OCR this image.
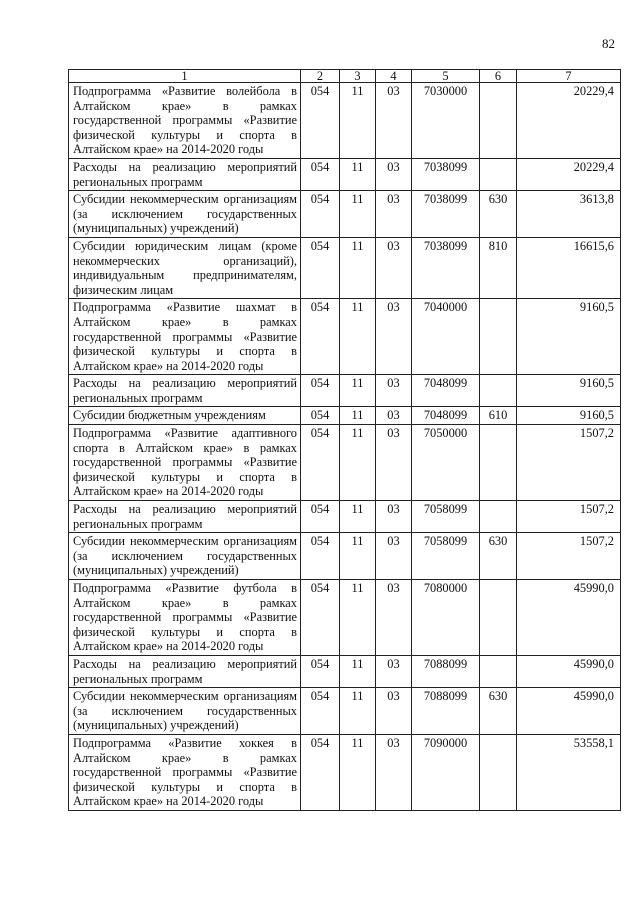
82
1	2	3	4	5	6	7
Подпрограмма «Развитие волейбола в Алтайском крае» в рамках государственной программы «Развитие физической культуры и спорта в Алтайском крае» на 2014-2020 годы	054	11	03	7030000		20229,4
Расходы на реализацию мероприятий региональных программ	054	11	03	7038099		20229,4
Субсидии некоммерческим организациям (за исключением государственных (муниципальных) учреждений)	054	11	03	7038099	630	3613,8
Субсидии юридическим лицам (кроме некоммерческих организаций), индивидуальным предпринимателям, физическим лицам	054	11	03	7038099	810	16615,6
Подпрограмма «Развитие шахмат в Алтайском крае» в рамках государственной программы «Развитие физической культуры и спорта в Алтайском крае» на 2014-2020 годы	054	11	03	7040000		9160,5
Расходы на реализацию мероприятий региональных программ	054	11	03	7048099		9160,5
Субсидии бюджетным учреждениям	054	11	03	7048099	610	9160,5
Подпрограмма «Развитие адаптивного спорта в Алтайском крае» в рамках государственной программы «Развитие физической культуры и спорта в Алтайском крае» на 2014-2020 годы	054	11	03	7050000		1507,2
Расходы на реализацию мероприятий региональных программ	054	11	03	7058099		1507,2
Субсидии некоммерческим организациям (за исключением государственных (муниципальных) учреждений)	054	11	03	7058099	630	1507,2
Подпрограмма «Развитие футбола в Алтайском крае» в рамках государственной программы «Развитие физической культуры и спорта в Алтайском крае» на 2014-2020 годы	054	11	03	7080000		45990,0
Расходы на реализацию мероприятий региональных программ	054	11	03	7088099		45990,0
Субсидии некоммерческим организациям (за исключением государственных (муниципальных) учреждений)	054	11	03	7088099	630	45990,0
Подпрограмма «Развитие хоккея в Алтайском крае» в рамках государственной программы «Развитие физической культуры и спорта в Алтайском крае» на 2014-2020 годы	054	11	03	7090000		53558,1
